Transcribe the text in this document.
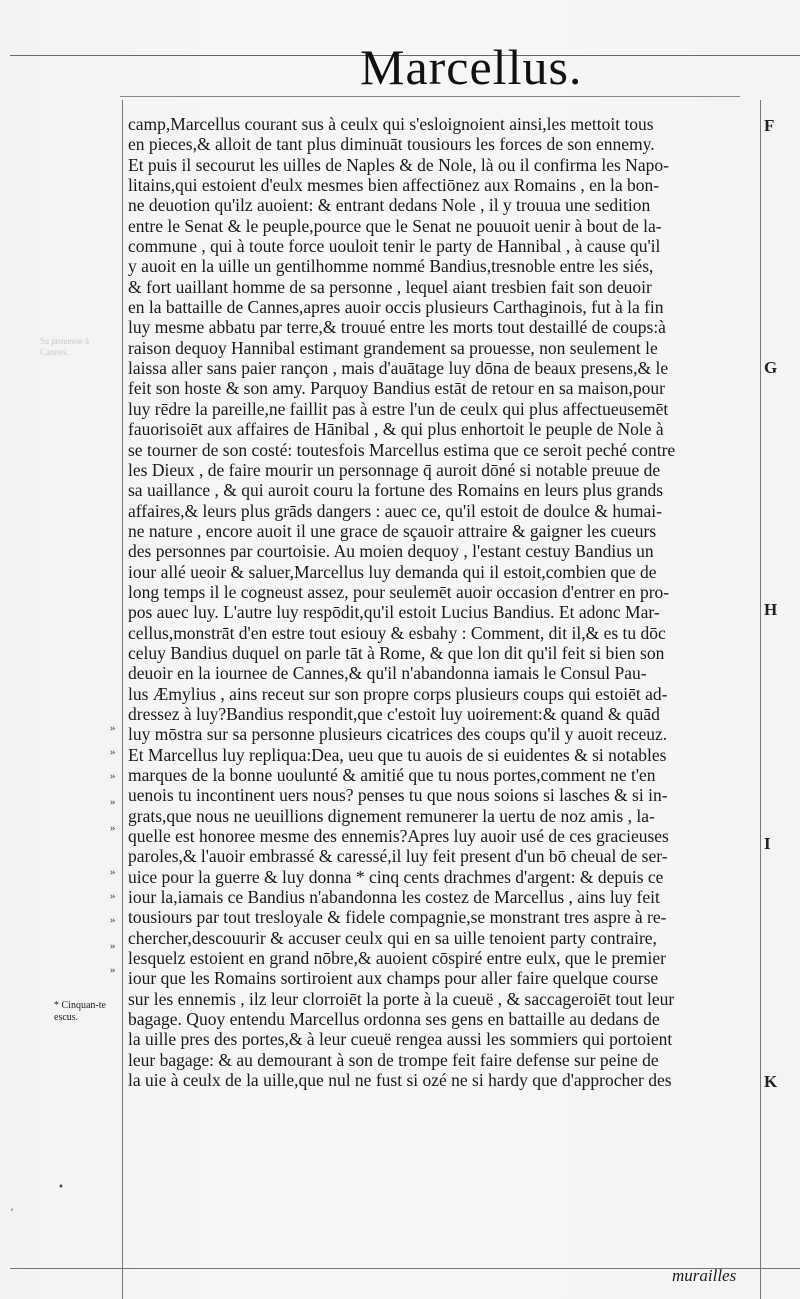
Marcellus.
Sa prouesse à Cannes.
camp,Marcellus courant sus à ceulx qui s'esloignoient ainsi,les mettoit tous
en pieces,& alloit de tant plus diminuāt tousiours les forces de son ennemy.
Et puis il secourut les uilles de Naples & de Nole, là ou il confirma les Napo-
litains,qui estoient d'eulx mesmes bien affectiōnez aux Romains , en la bon-
ne deuotion qu'ilz auoient: & entrant dedans Nole , il y trouua une sedition
entre le Senat & le peuple,pource que le Senat ne pouuoit uenir à bout de la-
commune , qui à toute force uouloit tenir le party de Hannibal , à cause qu'il
y auoit en la uille un gentilhomme nommé Bandius,tresnoble entre les siés,
& fort uaillant homme de sa personne , lequel aiant tresbien fait son deuoir
en la battaille de Cannes,apres auoir occis plusieurs Carthaginois, fut à la fin
luy mesme abbatu par terre,& trouué entre les morts tout destaillé de coups:à
raison dequoy Hannibal estimant grandement sa prouesse, non seulement le
laissa aller sans paier rançon , mais d'auātage luy dōna de beaux presens,& le
feit son hoste & son amy. Parquoy Bandius estāt de retour en sa maison,pour
luy rēdre la pareille,ne faillit pas à estre l'un de ceulx qui plus affectueusemēt
fauorisoiēt aux affaires de Hānibal , & qui plus enhortoit le peuple de Nole à
se tourner de son costé: toutesfois Marcellus estima que ce seroit peché contre
les Dieux , de faire mourir un personnage q̄ auroit dōné si notable preuue de
sa uaillance , & qui auroit couru la fortune des Romains en leurs plus grands
affaires,& leurs plus grāds dangers : auec ce, qu'il estoit de doulce & humai-
ne nature , encore auoit il une grace de sçauoir attraire & gaigner les cueurs
des personnes par courtoisie. Au moien dequoy , l'estant cestuy Bandius un
iour allé ueoir & saluer,Marcellus luy demanda qui il estoit,combien que de
long temps il le cogneust assez, pour seulemēt auoir occasion d'entrer en pro-
pos auec luy. L'autre luy respōdit,qu'il estoit Lucius Bandius. Et adonc Mar-
cellus,monstrāt d'en estre tout esiouy & esbahy : Comment, dit il,& es tu dōc
celuy Bandius duquel on parle tāt à Rome, & que lon dit qu'il feit si bien son
deuoir en la iournee de Cannes,& qu'il n'abandonna iamais le Consul Pau-
lus Æmylius , ains receut sur son propre corps plusieurs coups qui estoiēt ad-
dressez à luy?Bandius respondit,que c'estoit luy uoirement:& quand & quād
luy mōstra sur sa personne plusieurs cicatrices des coups qu'il y auoit receuz.
Et Marcellus luy repliqua:Dea, ueu que tu auois de si euidentes & si notables
marques de la bonne uoulunté & amitié que tu nous portes,comment ne t'en
uenois tu incontinent uers nous? penses tu que nous soions si lasches & si in-
grats,que nous ne ueuillions dignement remunerer la uertu de noz amis , la-
quelle est honoree mesme des ennemis?Apres luy auoir usé de ces gracieuses
paroles,& l'auoir embrassé & caressé,il luy feit present d'un bō cheual de ser-
uice pour la guerre & luy donna * cinq cents drachmes d'argent: & depuis ce
iour la,iamais ce Bandius n'abandonna les costez de Marcellus , ains luy feit
tousiours par tout tresloyale & fidele compagnie,se monstrant tres aspre à re-
chercher,descouurir & accuser ceulx qui en sa uille tenoient party contraire,
lesquelz estoient en grand nōbre,& auoient cōspiré entre eulx, que le premier
iour que les Romains sortiroient aux champs pour aller faire quelque course
sur les ennemis , ilz leur clorroiēt la porte à la cueuë , & saccageroiēt tout leur
bagage. Quoy entendu Marcellus ordonna ses gens en battaille au dedans de
la uille pres des portes,& à leur cueuë rengea aussi les sommiers qui portoient
leur bagage: & au demourant à son de trompe feit faire defense sur peine de
la uie à ceulx de la uille,que nul ne fust si ozé ne si hardy que d'approcher des
F
G
H
I
K
»
»
»
»
»
»
»
»
»
»
* Cinquan-te escus.
•
ʼ
murailles
